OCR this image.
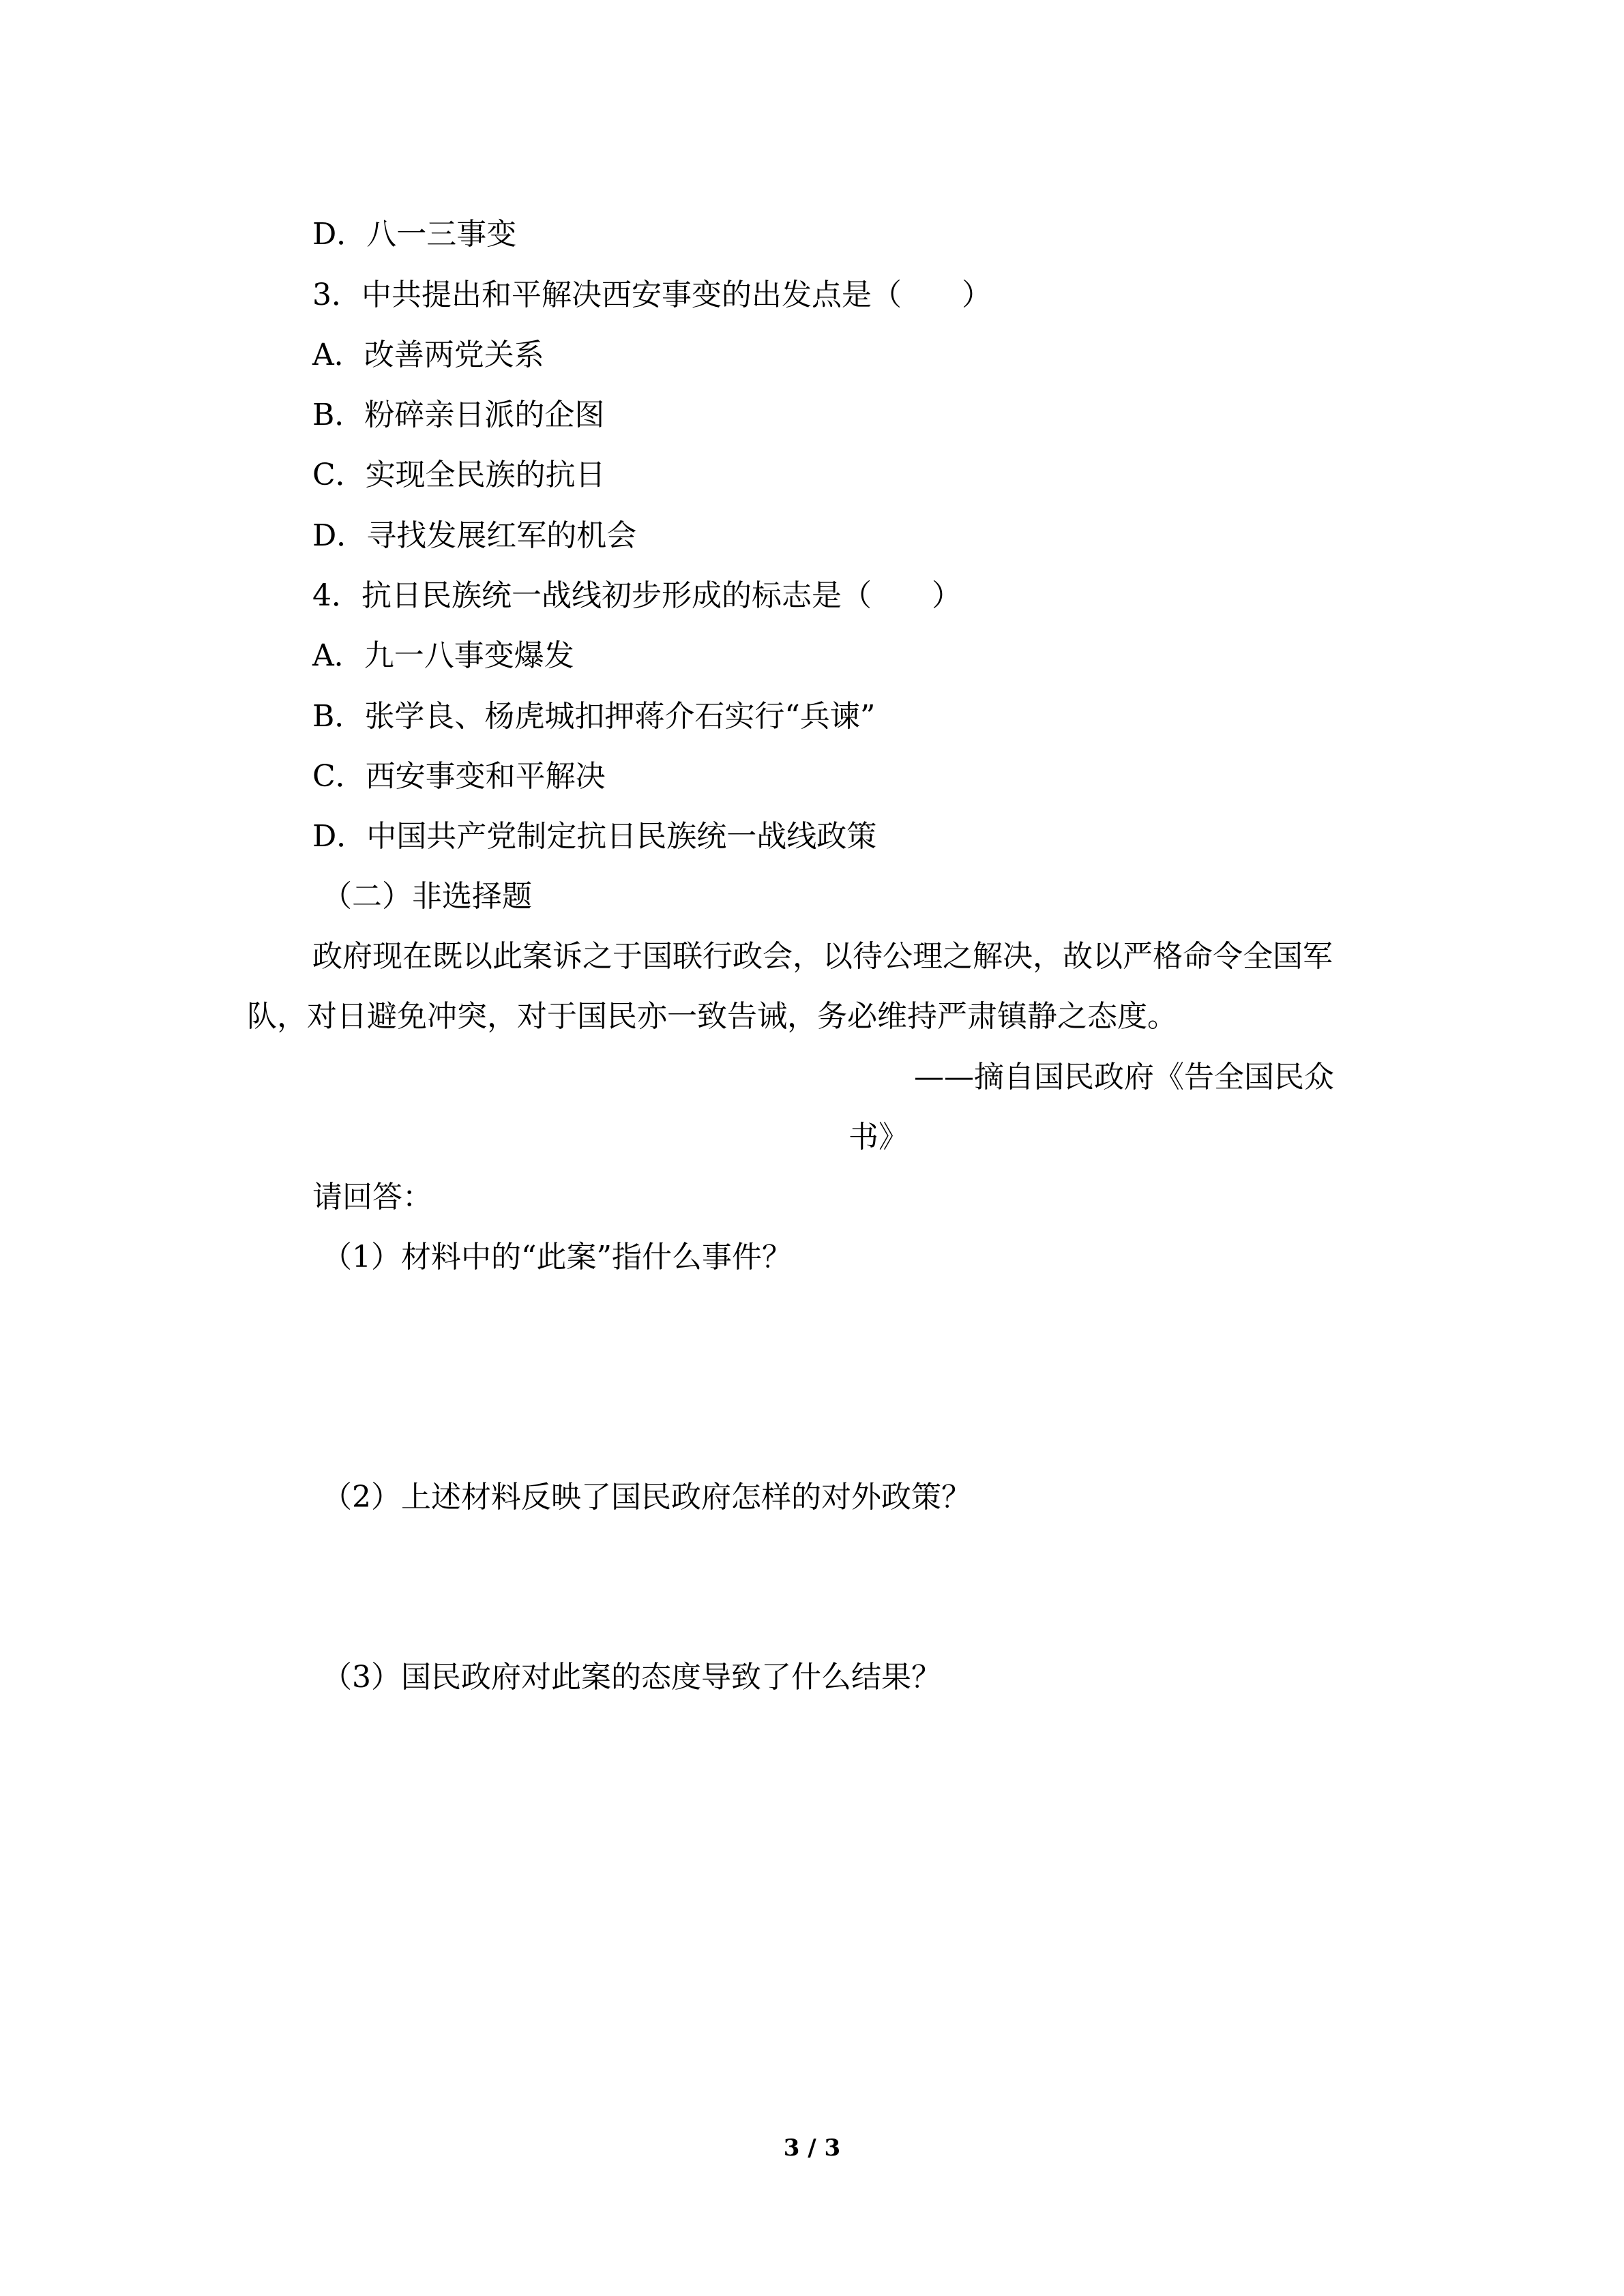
D．八一三事变
3．中共提出和平解决西安事变的出发点是（　　）
A．改善两党关系
B．粉碎亲日派的企图
C．实现全民族的抗日
D．寻找发展红军的机会
4．抗日民族统一战线初步形成的标志是（　　）
A．九一八事变爆发
B．张学良、杨虎城扣押蒋介石实行“兵谏”
C．西安事变和平解决
D．中国共产党制定抗日民族统一战线政策
（二）非选择题
政府现在既以此案诉之于国联行政会，以待公理之解决，故以严格命令全国军
队，对日避免冲突，对于国民亦一致告诫，务必维持严肃镇静之态度。
——摘自国民政府《告全国民众
书》
请回答：
（1）材料中的“此案”指什么事件？
（2）上述材料反映了国民政府怎样的对外政策？
（3）国民政府对此案的态度导致了什么结果？
3 / 3
